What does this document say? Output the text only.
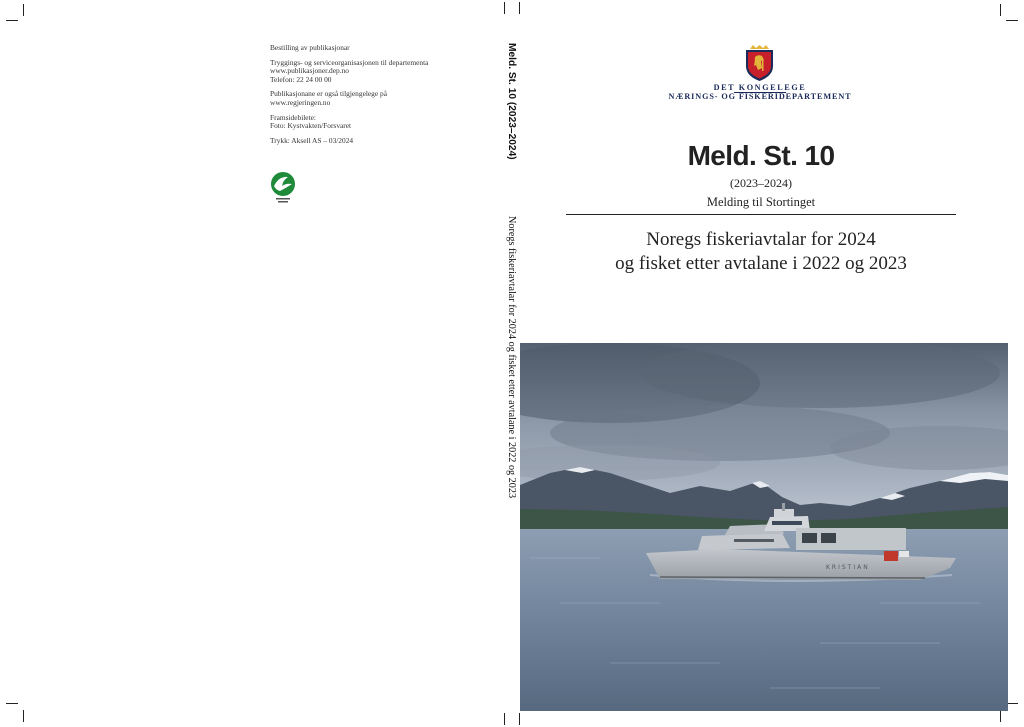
Bestilling av publikasjonar

Tryggings- og serviceorganisasjonen til departementa

www.publikasjoner.dep.no

Telefon: 22 24 00 00

Publikasjonane er også tilgjengelege på

www.regjeringen.no

Framsidebilete:

Foto: Kystvakten/Forsvaret

Trykk: Aksell AS – 03/2024	Meld. St. 10 (2023–2024)
Noregs fiskeriavtalar for 2024 og fisket etter avtalane i 2022 og 2023
DET KONGELEGE
NÆRINGS- OG FISKERIDEPARTEMENT
Meld. St. 10
(2023–2024)
Melding til Stortinget
Noregs fiskeriavtalar for 2024
og fisket etter avtalane i 2022 og 2023
KRISTIAN
